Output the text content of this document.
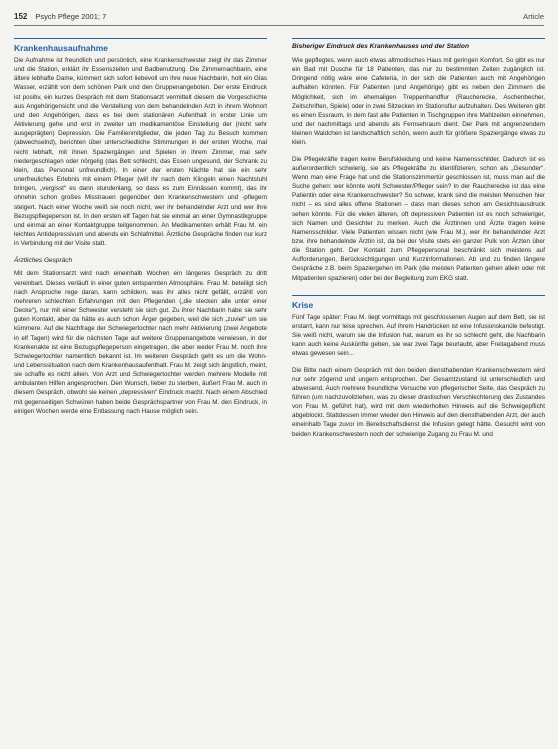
152 Psych Pflege 2001; 7	Article
Krankenhausaufnahme

Die Aufnahme ist freundlich und persönlich, eine Krankenschwester zeigt ihr das Zimmer und die Station, erklärt ihr Essenszeiten und Badbenutzung. Die Zimmernachbarin, eine ältere lebhafte Dame, kümmert sich sofort liebevoll um ihre neue Nachbarin, holt ein Glas Wasser, erzählt von dem schönen Park und den Gruppenangeboten. Der erste Eindruck ist positiv, ein kurzes Gespräch mit dem Stationsarzt vermittelt diesem die Vorgeschichte aus Angehörigensicht und die Verstellung von dem behandelnden Arzt in ihrem Wohnort und den Angehörigen, dass es bei dem stationären Aufenthalt in erster Linie um Aktivierung gehe und erst in zweiter um medikamentöse Einstellung der (nicht sehr ausgeprägten) Depression. Die Familienmitglieder, die jeden Tag zu Besuch kommen (abwechselnd), berichten über unterschiedliche Stimmungen in der ersten Woche, mal recht lebhaft, mit ihnen Spaziergängen und Spielen in ihrem Zimmer, mal sehr niedergeschlagen oder nörgelig (das Bett schlecht, das Essen ungesund, der Schrank zu klein, das Personal unfreundlich). In einer der ersten Nächte hat sie ein sehr unerfreuliches Erlebnis mit einem Pfleger (will ihr nach dem Klingeln einen Nachtstuhl bringen, „vergisst“ es dann stundenlang, so dass es zum Einnässen kommt), das ihr ohnehin schon großes Misstrauen gegenüber den Krankenschwestern und -pflegern steigert. Nach einer Woche weiß sie noch nicht, wer ihr behandelnder Arzt und wer ihre Bezugspflegeperson ist. In den ersten elf Tagen hat sie einmal an einer Gymnastikgruppe und einmal an einer Kontaktgruppe teilgenommen. An Medikamenten erhält Frau M. ein leichtes Antidepressivum und abends ein Schlafmittel. Ärztliche Gespräche finden nur kurz in Verbindung mit der Visite statt.

Ärztliches Gespräch

Mit dem Stationsarzt wird nach eineinhalb Wochen ein längeres Gespräch zu dritt vereinbart. Dieses verläuft in einer guten entspannten Atmosphäre. Frau M. beteiligt sich nach Anspruche rege daran, kann schildern, was ihr alles nicht gefällt, erzählt von mehreren schlechten Erfahrungen mit den Pflegenden („die stecken alle unter einer Decke“), nur mit einer Schwester versteht sie sich gut. Zu ihrer Nachbarin habe sie sehr guten Kontakt, aber da hätte es auch schon Ärger gegeben, weil die sich „zuviel“ um sie kümmere. Auf die Nachfrage der Schwiegertochter nach mehr Aktivierung (zwei Angebote in elf Tagen) wird für die nächsten Tage auf weitere Gruppenangebote verwiesen, in der Krankenakte ist eine Bezugspflegeperson eingetragen, die aber weder Frau M. noch ihre Schwiegertochter namentlich bekannt ist. Im weiteren Gespräch geht es um die Wohn- und Lebenssituation nach dem Krankenhausaufenthalt. Frau M. zeigt sich ängstlich, meint, sie schaffe es nicht allein. Von Arzt und Schwiegertochter werden mehrere Modelle mit ambulanten Hilfen angesprochen. Den Wunsch, lieber zu sterben, äußert Frau M. auch in diesem Gespräch, obwohl sie keinen „depressiven“ Eindruck macht. Nach einem Abschied mit gegenseitigen Schwüren haben beide Gesprächspartner von Frau M. den Eindruck, in einigen Wochen werde eine Entlassung nach Hause möglich sein.

Bisheriger Eindruck des Krankenhauses und der Station

Wie gepflegtes, wenn auch etwas altmodisches Haus mit geringen Komfort. So gibt es nur ein Bad mit Dusche für 18 Patienten, das nur zu bestimmten Zeiten zugänglich ist. Dringend nötig wäre eine Cafeteria, in der sich die Patienten auch mit Angehörigen aufhalten könnten. Für Patienten (und Angehörige) gibt es neben den Zimmern die Möglichkeit, sich im ehemaligen Treppenhandflur (Raucherecke, Aschenbecher, Zeitschriften, Spiele) oder in zwei Sitzecken im Stationsflur aufzuhalten. Des Weiteren gibt es einen Essraum, in dem fast alle Patienten in Tischgruppen ihre Mahlzeiten einnehmen, und der nachmittags und abends als Fernsehraum dient. Der Park mit angrenzendem kleinen Waldchen ist landschaftlich schön, wenn auch für größere Spaziergänge etwas zu klein.

Die Pflegekräfte tragen keine Berufskleidung und keine Namensschilder. Dadurch ist es außerordentlich schwierig, sie als Pflegekräfte zu identifizieren, schon als „Gesunder“. Wenn man eine Frage hat und die Stationszimmertür geschlossen ist, muss man auf die Suche gehen: wer könnte wohl Schwester/Pfleger sein? In der Raucherecke ist das eine Patientin oder eine Krankenschwester? So schwer, krank sind die meisten Menschen hier nicht – es sind alles offene Stationen – dass man dieses schon am Gesichtsausdruck sehen könnte. Für die vielen älteren, oft depressiven Patienten ist es noch schwieriger, sich Namen und Gesichter zu merken. Auch die Ärztinnen und Ärzte tragen keine Namensschilder. Viele Patienten wissen nicht (wie Frau M.), wer ihr behandelnder Arzt bzw. ihre behandelnde Ärztin ist, da bei der Visite stets ein ganzer Pulk von Ärzten über die Station geht. Der Kontakt zum Pflegepersonal beschränkt sich meistens auf Aufforderungen, Berücksichtigungen und Kurzinformationen. Ab und zu finden längere Gespräche z.B. beim Spaziergehen im Park (die meisten Patienten gehen allein oder mit Mitpatienten spazieren) oder bei der Begleitung zum EKG statt.

Krise

Fünf Tage später: Frau M. liegt vormittags mit geschlossenen Augen auf dem Bett, sie ist erstarrt, kann nur leise sprechen. Auf ihrem Handrücken ist eine Infusionskanüle befestigt. Sie weiß nicht, warum sie die Infusion hat, warum es ihr so schlecht geht, die Nachbarin kann auch keine Auskünfte geben, sie war zwei Tage beurlaubt, aber Freitagabend muss etwas gewesen sein...

Die Bitte nach einem Gespräch mit den beiden diensthabenden Krankenschwestern wird nur sehr zögernd und ungern entsprochen. Der Gesamtzustand ist unterschiedlich und abweisend. Auch mehrere freundliche Versuche von pflegerischer Seite, das Gespräch zu führen (um nachzuvollziehen, was zu dieser drastischen Verschlechterung des Zustandes von Frau M. geführt hat), wird mit dem wiederholten Hinweis auf die Schweigepflicht abgeblockt. Stattdessen immer wieder den Hinweis auf den diensthabenden Arzt, der auch eineinhalb Tage zuvor im Bereitschaftsdienst die Infusion gelegt hätte. Gesucht wird von beiden Krankenschwestern noch der schwierige Zugang zu Frau M. und
